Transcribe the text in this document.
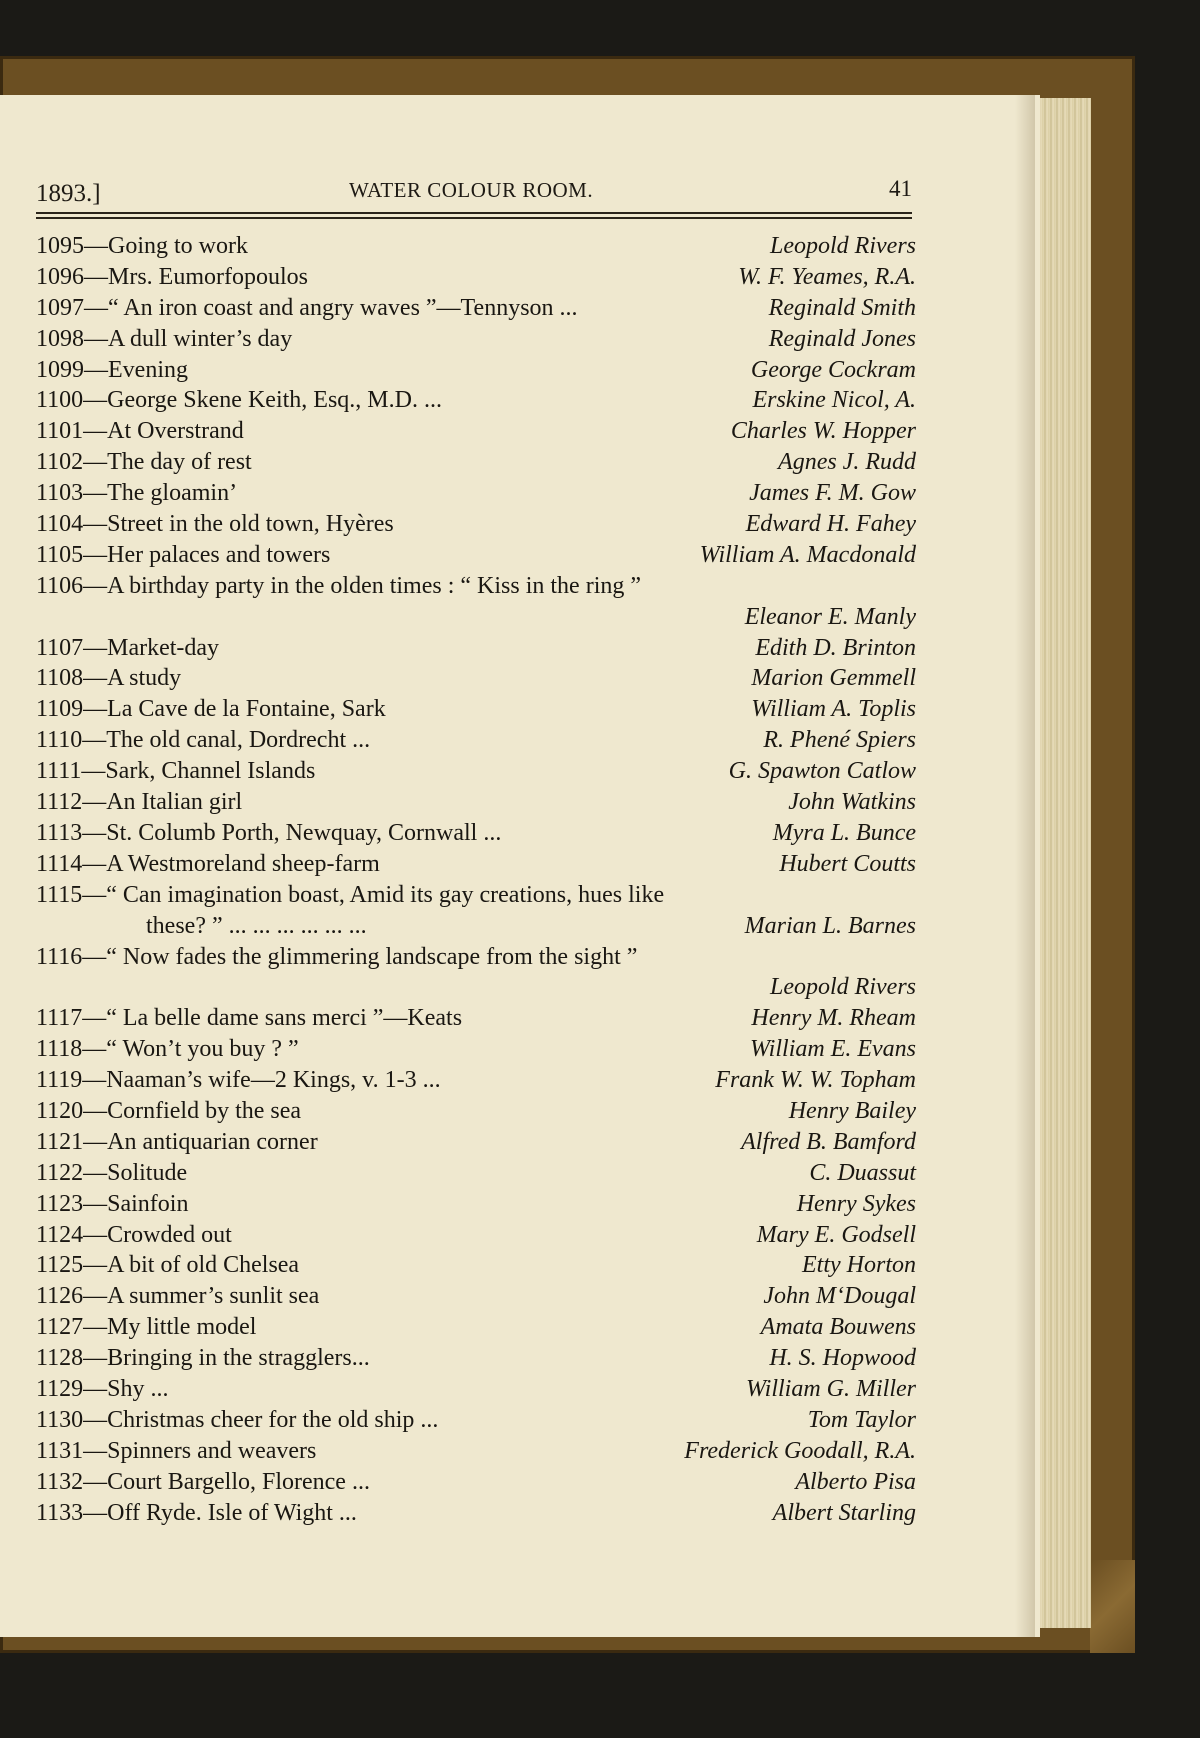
1893.]	WATER COLOUR ROOM.	41
1095—Going to work	Leopold Rivers
1096—Mrs. Eumorfopoulos	W. F. Yeames, R.A.
1097—“ An iron coast and angry waves ”—Tennyson ...	Reginald Smith
1098—A dull winter’s day	Reginald Jones
1099—Evening	George Cockram
1100—George Skene Keith, Esq., M.D. ...	Erskine Nicol, A.
1101—At Overstrand	Charles W. Hopper
1102—The day of rest	Agnes J. Rudd
1103—The gloamin’	James F. M. Gow
1104—Street in the old town, Hyères	Edward H. Fahey
1105—Her palaces and towers	William A. Macdonald
1106—A birthday party in the olden times : “ Kiss in the ring ”
Eleanor E. Manly
1107—Market-day	Edith D. Brinton
1108—A study	Marion Gemmell
1109—La Cave de la Fontaine, Sark	William A. Toplis
1110—The old canal, Dordrecht ...	R. Phené Spiers
1111—Sark, Channel Islands	G. Spawton Catlow
1112—An Italian girl	John Watkins
1113—St. Columb Porth, Newquay, Cornwall ...	Myra L. Bunce
1114—A Westmoreland sheep-farm	Hubert Coutts
1115—“ Can imagination boast, Amid its gay creations, hues like
these? ” ... ... ... ... ... ...	Marian L. Barnes
1116—“ Now fades the glimmering landscape from the sight ”
Leopold Rivers
1117—“ La belle dame sans merci ”—Keats	Henry M. Rheam
1118—“ Won’t you buy ? ”	William E. Evans
1119—Naaman’s wife—2 Kings, v. 1-3 ...	Frank W. W. Topham
1120—Cornfield by the sea	Henry Bailey
1121—An antiquarian corner	Alfred B. Bamford
1122—Solitude	C. Duassut
1123—Sainfoin	Henry Sykes
1124—Crowded out	Mary E. Godsell
1125—A bit of old Chelsea	Etty Horton
1126—A summer’s sunlit sea	John M‘Dougal
1127—My little model	Amata Bouwens
1128—Bringing in the stragglers...	H. S. Hopwood
1129—Shy ...	William G. Miller
1130—Christmas cheer for the old ship ...	Tom Taylor
1131—Spinners and weavers	Frederick Goodall, R.A.
1132—Court Bargello, Florence ...	Alberto Pisa
1133—Off Ryde. Isle of Wight ...	Albert Starling
